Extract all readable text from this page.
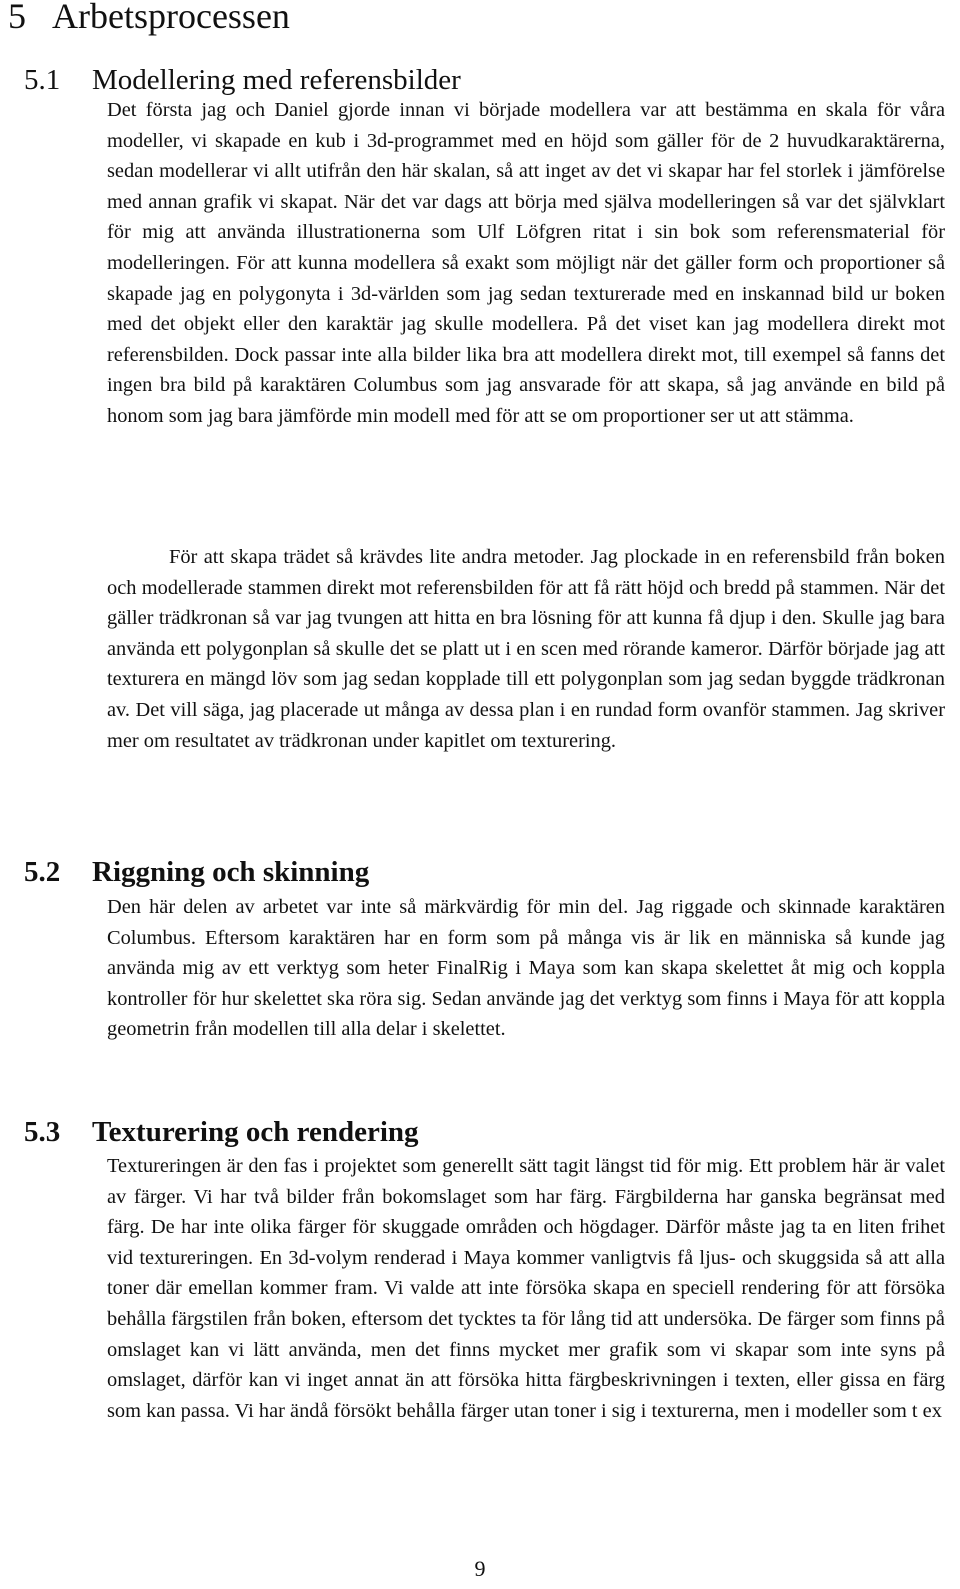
5 Arbetsprocessen
5.1 Modellering med referensbilder

Det första jag och Daniel gjorde innan vi började modellera var att bestämma en skala för våra modeller, vi skapade en kub i 3d-programmet med en höjd som gäller för de 2 huvudkaraktärerna, sedan modellerar vi allt utifrån den här skalan, så att inget av det vi skapar har fel storlek i jämförelse med annan grafik vi skapat. När det var dags att börja med själva modelleringen så var det självklart för mig att använda illustrationerna som Ulf Löfgren ritat i sin bok som referensmaterial för modelleringen. För att kunna modellera så exakt som möjligt när det gäller form och proportioner så skapade jag en polygonyta i 3d-världen som jag sedan texturerade med en inskannad bild ur boken med det objekt eller den karaktär jag skulle modellera. På det viset kan jag modellera direkt mot referensbilden. Dock passar inte alla bilder lika bra att modellera direkt mot, till exempel så fanns det ingen bra bild på karaktären Columbus som jag ansvarade för att skapa, så jag använde en bild på honom som jag bara jämförde min modell med för att se om proportioner ser ut att stämma.

För att skapa trädet så krävdes lite andra metoder. Jag plockade in en referensbild från boken och modellerade stammen direkt mot referensbilden för att få rätt höjd och bredd på stammen. När det gäller trädkronan så var jag tvungen att hitta en bra lösning för att kunna få djup i den. Skulle jag bara använda ett polygonplan så skulle det se platt ut i en scen med rörande kameror. Därför började jag att texturera en mängd löv som jag sedan kopplade till ett polygonplan som jag sedan byggde trädkronan av. Det vill säga, jag placerade ut många av dessa plan i en rundad form ovanför stammen. Jag skriver mer om resultatet av trädkronan under kapitlet om texturering.

5.2 Riggning och skinning

Den här delen av arbetet var inte så märkvärdig för min del. Jag riggade och skinnade karaktären Columbus. Eftersom karaktären har en form som på många vis är lik en människa så kunde jag använda mig av ett verktyg som heter FinalRig i Maya som kan skapa skelettet åt mig och koppla kontroller för hur skelettet ska röra sig. Sedan använde jag det verktyg som finns i Maya för att koppla geometrin från modellen till alla delar i skelettet.

5.3 Texturering och rendering

Textureringen är den fas i projektet som generellt sätt tagit längst tid för mig. Ett problem här är valet av färger. Vi har två bilder från bokomslaget som har färg. Färgbilderna har ganska begränsat med färg. De har inte olika färger för skuggade områden och högdager. Därför måste jag ta en liten frihet vid textureringen. En 3d-volym renderad i Maya kommer vanligtvis få ljus- och skuggsida så att alla toner där emellan kommer fram. Vi valde att inte försöka skapa en speciell rendering för att försöka behålla färgstilen från boken, eftersom det tycktes ta för lång tid att undersöka. De färger som finns på omslaget kan vi lätt använda, men det finns mycket mer grafik som vi skapar som inte syns på omslaget, därför kan vi inget annat än att försöka hitta färgbeskrivningen i texten, eller gissa en färg som kan passa. Vi har ändå försökt behålla färger utan toner i sig i texturerna, men i modeller som t ex

9
